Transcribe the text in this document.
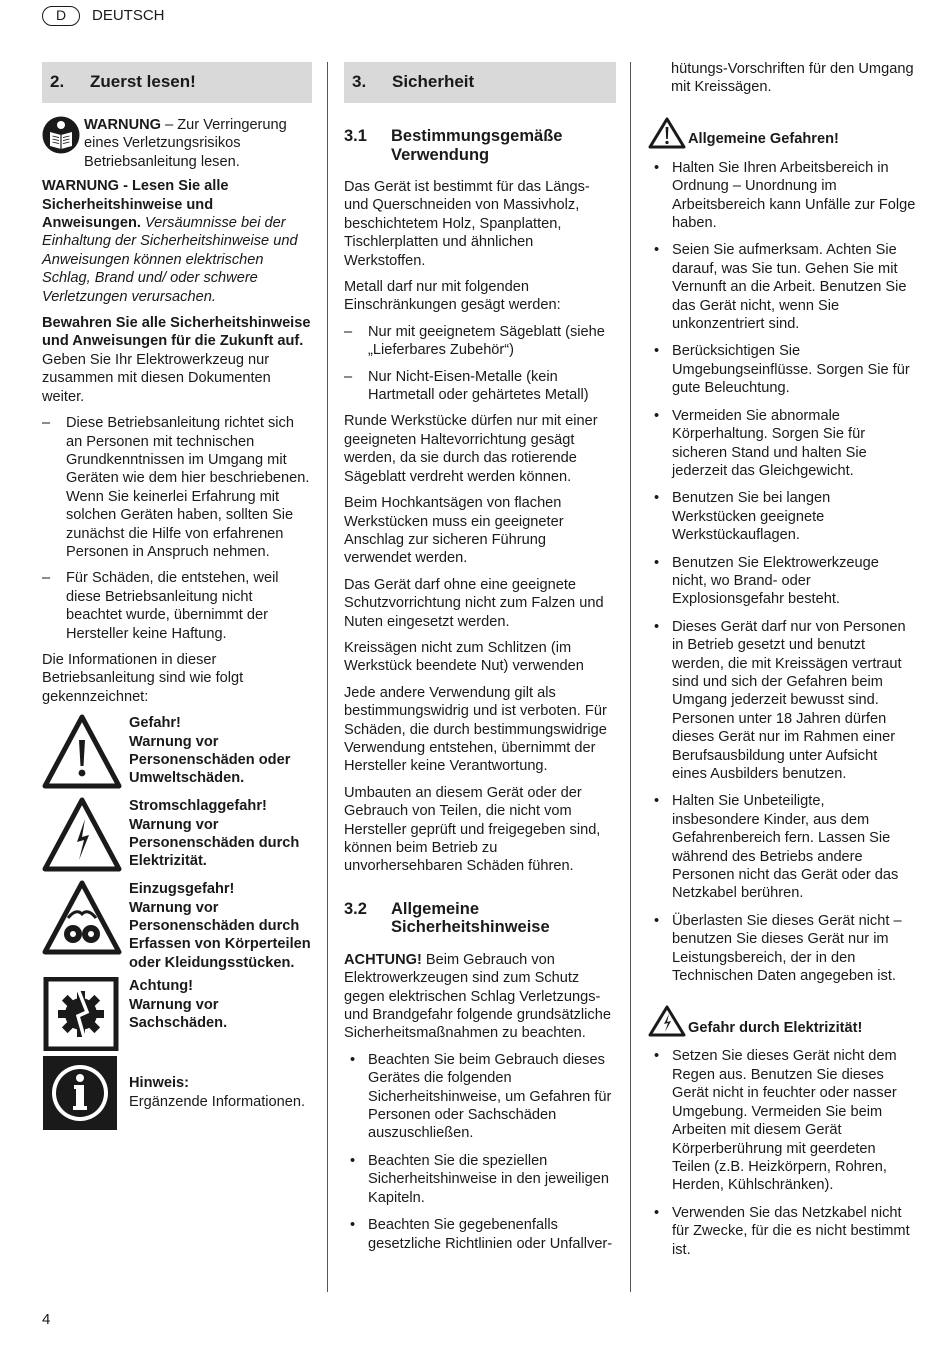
D	DEUTSCH
2.	Zuerst lesen!
WARNUNG – Zur Verringerung eines Verletzungsrisikos Betriebsanleitung lesen.

WARNUNG - Lesen Sie alle Sicherheitshinweise und Anweisungen. Versäumnisse bei der Einhaltung der Sicherheitshinweise und Anweisungen können elektrischen Schlag, Brand und/ oder schwere Verletzungen verursachen.

Bewahren Sie alle Sicherheitshinweise und Anweisungen für die Zukunft auf. Geben Sie Ihr Elektrowerkzeug nur zusammen mit diesen Dokumenten weiter.

– Diese Betriebsanleitung richtet sich an Personen mit technischen Grundkenntnissen im Umgang mit Geräten wie dem hier beschriebenen. Wenn Sie keinerlei Erfahrung mit solchen Geräten haben, sollten Sie zunächst die Hilfe von erfahrenen Personen in Anspruch nehmen.
– Für Schäden, die entstehen, weil diese Betriebsanleitung nicht beachtet wurde, übernimmt der Hersteller keine Haftung.

Die Informationen in dieser Betriebsanleitung sind wie folgt gekennzeichnet:

Gefahr!
Warnung vor Personenschäden oder Umweltschäden.
Stromschlaggefahr!
Warnung vor Personenschäden durch Elektrizität.
Einzugsgefahr!
Warnung vor Personenschäden durch Erfassen von Körperteilen oder Kleidungsstücken.
Achtung!
Warnung vor Sachschäden.
Hinweis:
Ergänzende Informationen.
3.	Sicherheit
3.1	Bestimmungsgemäße Verwendung

Das Gerät ist bestimmt für das Längs- und Querschneiden von Massivholz, beschichtetem Holz, Spanplatten, Tischlerplatten und ähnlichen Werkstoffen.

Metall darf nur mit folgenden Einschränkungen gesägt werden:

– Nur mit geeignetem Sägeblatt (siehe „Lieferbares Zubehör“)
– Nur Nicht-Eisen-Metalle (kein Hartmetall oder gehärtetes Metall)

Runde Werkstücke dürfen nur mit einer geeigneten Haltevorrichtung gesägt werden, da sie durch das rotierende Sägeblatt verdreht werden können.

Beim Hochkantsägen von flachen Werkstücken muss ein geeigneter Anschlag zur sicheren Führung verwendet werden.

Das Gerät darf ohne eine geeignete Schutzvorrichtung nicht zum Falzen und Nuten eingesetzt werden.

Kreissägen nicht zum Schlitzen (im Werkstück beendete Nut) verwenden

Jede andere Verwendung gilt als bestimmungswidrig und ist verboten. Für Schäden, die durch bestimmungswidrige Verwendung entstehen, übernimmt der Hersteller keine Verantwortung.

Umbauten an diesem Gerät oder der Gebrauch von Teilen, die nicht vom Hersteller geprüft und freigegeben sind, können beim Betrieb zu unvorhersehbaren Schäden führen.

3.2	Allgemeine Sicherheitshinweise

ACHTUNG! Beim Gebrauch von Elektrowerkzeugen sind zum Schutz gegen elektrischen Schlag Verletzungs- und Brandgefahr folgende grundsätzliche Sicherheitsmaßnahmen zu beachten.

• Beachten Sie beim Gebrauch dieses Gerätes die folgenden Sicherheitshinweise, um Gefahren für Personen oder Sachschäden auszuschließen.
• Beachten Sie die speziellen Sicherheitshinweise in den jeweiligen Kapiteln.
• Beachten Sie gegebenenfalls gesetzliche Richtlinien oder Unfallver-

hütungs-Vorschriften für den Umgang mit Kreissägen.

Allgemeine Gefahren!
• Halten Sie Ihren Arbeitsbereich in Ordnung – Unordnung im Arbeitsbereich kann Unfälle zur Folge haben.
• Seien Sie aufmerksam. Achten Sie darauf, was Sie tun. Gehen Sie mit Vernunft an die Arbeit. Benutzen Sie das Gerät nicht, wenn Sie unkonzentriert sind.
• Berücksichtigen Sie Umgebungseinflüsse. Sorgen Sie für gute Beleuchtung.
• Vermeiden Sie abnormale Körperhaltung. Sorgen Sie für sicheren Stand und halten Sie jederzeit das Gleichgewicht.
• Benutzen Sie bei langen Werkstücken geeignete Werkstückauflagen.
• Benutzen Sie Elektrowerkzeuge nicht, wo Brand- oder Explosionsgefahr besteht.
• Dieses Gerät darf nur von Personen in Betrieb gesetzt und benutzt werden, die mit Kreissägen vertraut sind und sich der Gefahren beim Umgang jederzeit bewusst sind. Personen unter 18 Jahren dürfen dieses Gerät nur im Rahmen einer Berufsausbildung unter Aufsicht eines Ausbilders benutzen.
• Halten Sie Unbeteiligte, insbesondere Kinder, aus dem Gefahrenbereich fern. Lassen Sie während des Betriebs andere Personen nicht das Gerät oder das Netzkabel berühren.
• Überlasten Sie dieses Gerät nicht – benutzen Sie dieses Gerät nur im Leistungsbereich, der in den Technischen Daten angegeben ist.
Gefahr durch Elektrizität!
• Setzen Sie dieses Gerät nicht dem Regen aus. Benutzen Sie dieses Gerät nicht in feuchter oder nasser Umgebung. Vermeiden Sie beim Arbeiten mit diesem Gerät Körperberührung mit geerdeten Teilen (z.B. Heizkörpern, Rohren, Herden, Kühlschränken).
• Verwenden Sie das Netzkabel nicht für Zwecke, für die es nicht bestimmt ist.
4
